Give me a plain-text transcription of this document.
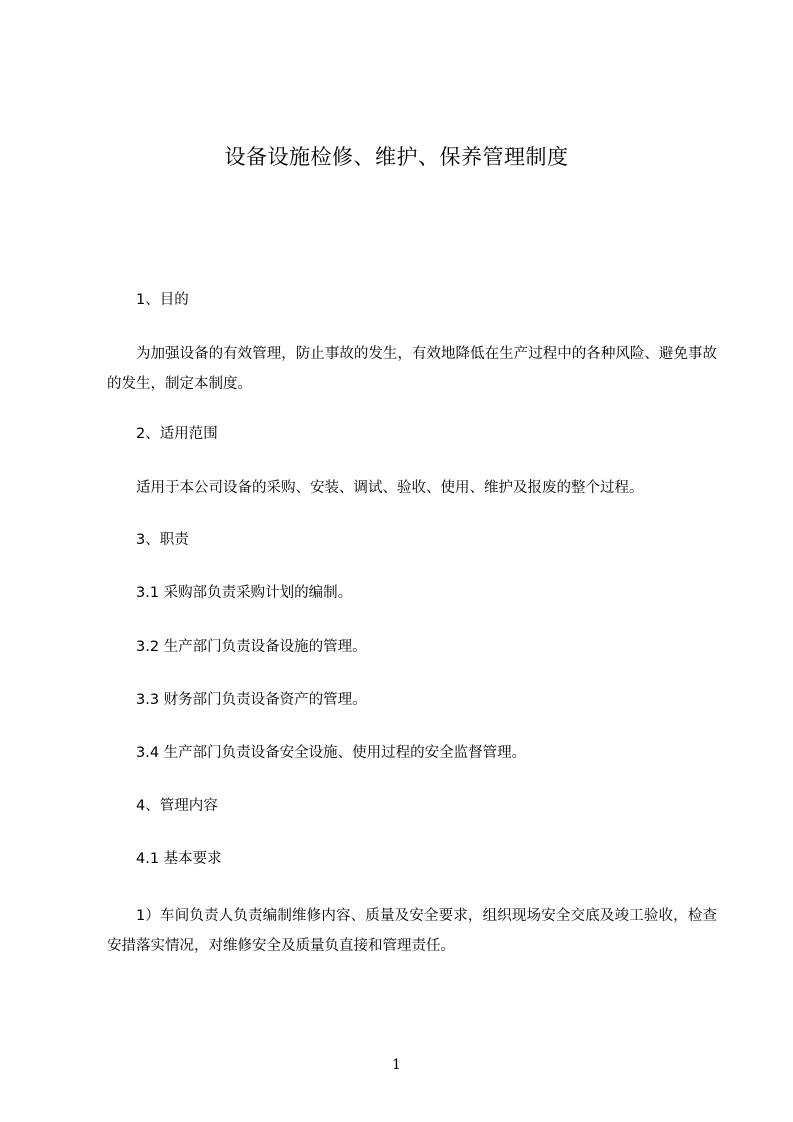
设备设施检修、维护、保养管理制度
1、目的
为加强设备的有效管理，防止事故的发生，有效地降低在生产过程中的各种风险、避免事故的发生，制定本制度。
2、适用范围
适用于本公司设备的采购、安装、调试、验收、使用、维护及报废的整个过程。
3、职责
3.1 采购部负责采购计划的编制。
3.2 生产部门负责设备设施的管理。
3.3 财务部门负责设备资产的管理。
3.4 生产部门负责设备安全设施、使用过程的安全监督管理。
4、管理内容
4.1 基本要求
1）车间负责人负责编制维修内容、质量及安全要求，组织现场安全交底及竣工验收，检查安措落实情况，对维修安全及质量负直接和管理责任。
1
